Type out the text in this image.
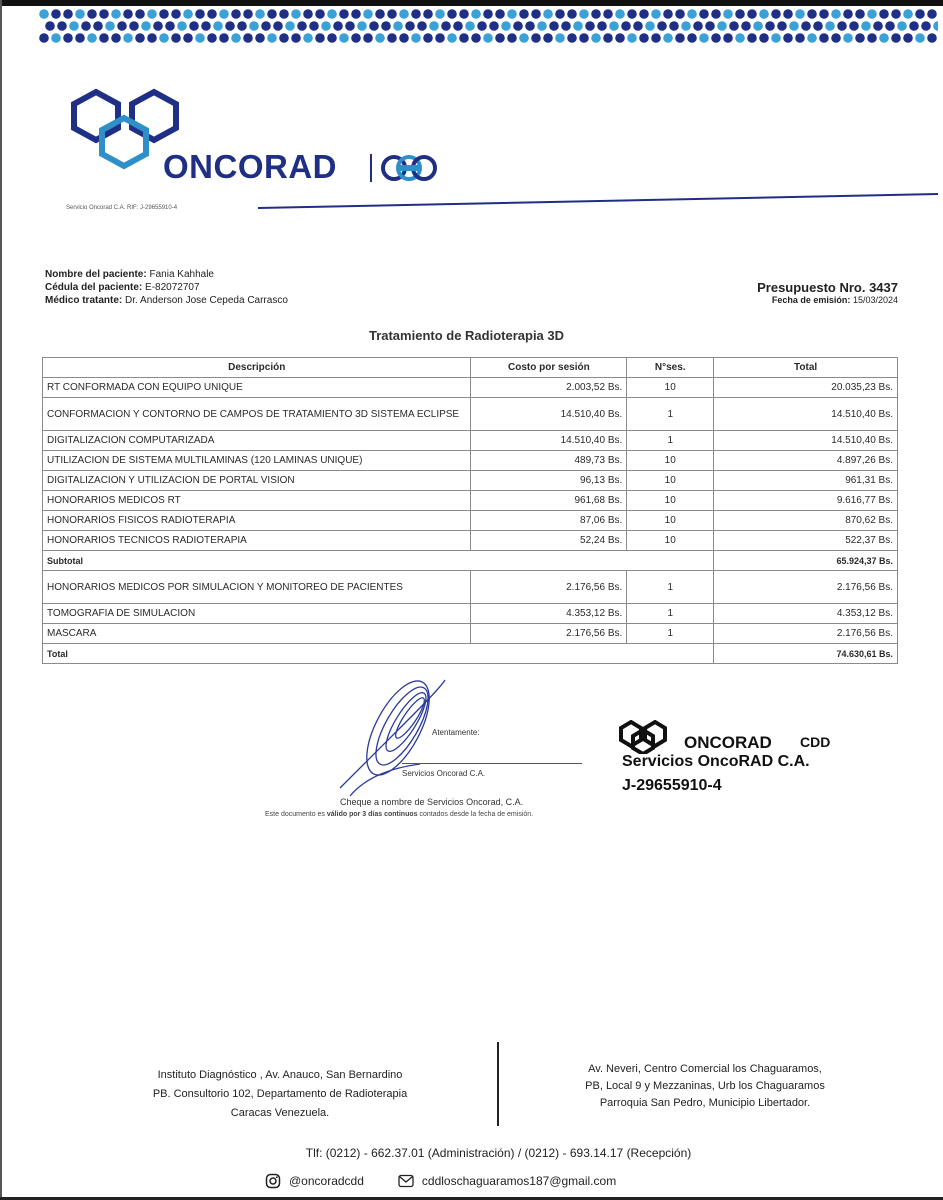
ONCORAD
Servicio Oncorad C.A. RIF: J-29655910-4
Nombre del paciente: Fania Kahhale
Cédula del paciente: E-82072707
Médico tratante: Dr. Anderson Jose Cepeda Carrasco
Presupuesto Nro. 3437
Fecha de emisión: 15/03/2024
Tratamiento de Radioterapia 3D
Descripción	Costo por sesión	N°ses.	Total
RT CONFORMADA CON EQUIPO UNIQUE	2.003,52 Bs.	10	20.035,23 Bs.
CONFORMACION Y CONTORNO DE CAMPOS DE TRATAMIENTO 3D SISTEMA ECLIPSE	14.510,40 Bs.	1	14.510,40 Bs.
DIGITALIZACION COMPUTARIZADA	14.510,40 Bs.	1	14.510,40 Bs.
UTILIZACION DE SISTEMA MULTILAMINAS (120 LAMINAS UNIQUE)	489,73 Bs.	10	4.897,26 Bs.
DIGITALIZACION Y UTILIZACION DE PORTAL VISION	96,13 Bs.	10	961,31 Bs.
HONORARIOS MEDICOS RT	961,68 Bs.	10	9.616,77 Bs.
HONORARIOS FISICOS RADIOTERAPIA	87,06 Bs.	10	870,62 Bs.
HONORARIOS TECNICOS RADIOTERAPIA	52,24 Bs.	10	522,37 Bs.
Subtotal			65.924,37 Bs.
HONORARIOS MEDICOS POR SIMULACION Y MONITOREO DE PACIENTES	2.176,56 Bs.	1	2.176,56 Bs.
TOMOGRAFIA DE SIMULACION	4.353,12 Bs.	1	4.353,12 Bs.
MASCARA	2.176,56 Bs.	1	2.176,56 Bs.
Total			74.630,61 Bs.
Atentamente:
Servicios Oncorad C.A.
Cheque a nombre de Servicios Oncorad, C.A.
Este documento es válido por 3 días continuos contados desde la fecha de emisión.
ONCORAD CDD
Servicios OncoRAD C.A.
J-29655910-4
Instituto Diagnóstico , Av. Anauco, San Bernardino
PB. Consultorio 102, Departamento de Radioterapia
Caracas Venezuela.
Av. Neveri, Centro Comercial los Chaguaramos,
PB, Local 9 y Mezzaninas, Urb los Chaguaramos
Parroquia San Pedro, Municipio Libertador.
Tlf: (0212) - 662.37.01 (Administración) / (0212) - 693.14.17 (Recepción)
@oncoradcdd	cddloschaguaramos187@gmail.com
